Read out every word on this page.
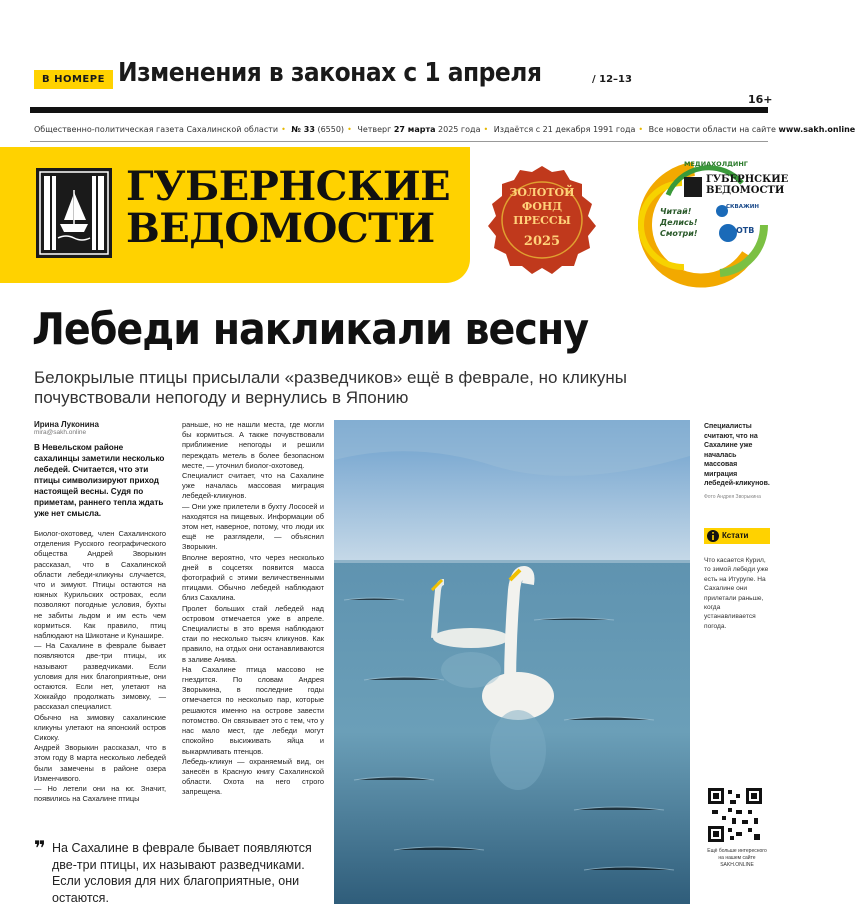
В НОМЕРЕ Изменения в законах с 1 апреля	/ 12–13
16+
Общественно-политическая газета Сахалинской области • № 33 (6550) • Четверг 27 марта 2025 года • Издаётся с 21 декабря 1991 года • Все новости области на сайте www.sakh.online
ГУБЕРНСКИЕ
ВЕДОМОСТИ
ЗОЛОТОЙ
ФОНД
ПРЕССЫ
2025
МЕДИАХОЛДИНГ
ГУБЕРНСКИЕ
ВЕДОМОСТИ
Читай!
Делись!
Смотри!
СКВАЖИН
ОТВ
Лебеди накликали весну
Белокрылые птицы присылали «разведчиков» ещё в феврале, но кликуны почувствовали непогоду и вернулись в Японию
Ирина Луконина
mira@sakh.online
В Невельском районе сахалинцы заметили несколько лебедей. Считается, что эти птицы символизируют приход настоящей весны. Судя по приметам, раннего тепла ждать уже нет смысла.

Биолог-охотовед, член Сахалинского отделения Русского географического общества Андрей Зворыкин рассказал, что в Сахалинской области лебеди-кликуны случается, что и зимуют. Птицы остаются на южных Курильских островах, если позволяют погодные условия, бухты не забиты льдом и им есть чем кормиться. Как правило, птиц наблюдают на Шикотане и Кунашире.

— На Сахалине в феврале бывает появляются две-три птицы, их называют разведчиками. Если условия для них благоприятные, они остаются. Если нет, улетают на Хоккайдо продолжать зимовку, — рассказал специалист.

Обычно на зимовку сахалинские кликуны улетают на японский остров Сикоку.

Андрей Зворыкин рассказал, что в этом году 8 марта несколько лебедей были замечены в районе озера Изменчивого.

— Но летели они на юг. Значит, появились на Сахалине птицы

раньше, но не нашли места, где могли бы кормиться. А также почувствовали приближение непогоды и решили переждать метель в более безопасном месте, — уточнил биолог-охотовед.

Специалист считает, что на Сахалине уже началась массовая миграция лебедей-кликунов.

— Они уже прилетели в бухту Лососей и находятся на пищевых. Информации об этом нет, наверное, потому, что люди их ещё не разглядели, — объяснил Зворыкин.

Вполне вероятно, что через несколько дней в соцсетях появится масса фотографий с этими величественными птицами. Обычно лебедей наблюдают близ Сахалина.

Пролет больших стай лебедей над островом отмечается уже в апреле. Специалисты в это время наблюдают стаи по несколько тысяч кликунов. Как правило, на отдых они останавливаются в заливе Анива.

На Сахалине птица массово не гнездится. По словам Андрея Зворыкина, в последние годы отмечается по несколько пар, которые решаются именно на острове завести потомство. Он связывает это с тем, что у нас мало мест, где лебеди могут спокойно высиживать яйца и выкармливать птенцов.

Лебедь-кликун — охраняемый вид, он занесён в Красную книгу Сахалинской области. Охота на него строго запрещена.

Специалисты считают, что на Сахалине уже началась массовая миграция лебедей-кликунов.
Фото Андрея Зворыкина
Кстати
Что касается Курил, то зимой лебеди уже есть на Итурупе. На Сахалине они прилетали раньше, когда устанавливается погода.
Ещё больше интересного на нашем сайте SAKH.ONLINE
❞ На Сахалине в феврале бывает появляются две-три птицы, их называют разведчиками. Если условия для них благоприятные, они остаются.
